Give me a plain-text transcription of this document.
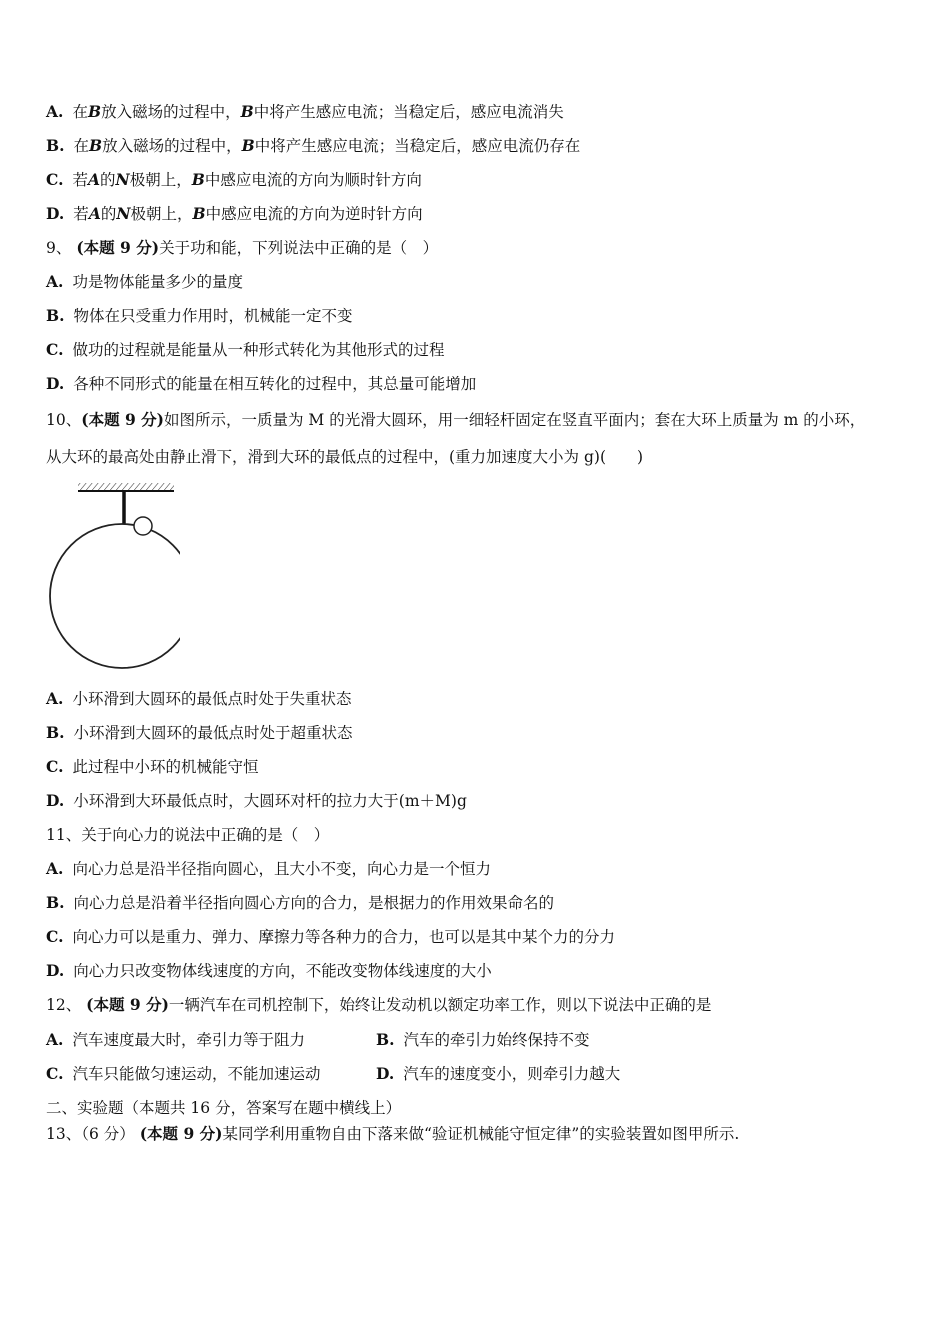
A. 在B放入磁场的过程中，B中将产生感应电流；当稳定后，感应电流消失
B. 在B放入磁场的过程中，B中将产生感应电流；当稳定后，感应电流仍存在
C. 若A的N极朝上，B中感应电流的方向为顺时针方向
D. 若A的N极朝上，B中感应电流的方向为逆时针方向
9、 (本题 9 分)关于功和能，下列说法中正确的是（　）
A. 功是物体能量多少的量度
B. 物体在只受重力作用时，机械能一定不变
C. 做功的过程就是能量从一种形式转化为其他形式的过程
D. 各种不同形式的能量在相互转化的过程中，其总量可能增加
10、(本题 9 分)如图所示，一质量为 M 的光滑大圆环，用一细轻杆固定在竖直平面内；套在大环上质量为 m 的小环，
从大环的最高处由静止滑下，滑到大环的最低点的过程中，(重力加速度大小为 g)(　　)
A. 小环滑到大圆环的最低点时处于失重状态
B. 小环滑到大圆环的最低点时处于超重状态
C. 此过程中小环的机械能守恒
D. 小环滑到大环最低点时，大圆环对杆的拉力大于(m＋M)g
11、关于向心力的说法中正确的是（　）
A. 向心力总是沿半径指向圆心，且大小不变，向心力是一个恒力
B. 向心力总是沿着半径指向圆心方向的合力，是根据力的作用效果命名的
C. 向心力可以是重力、弹力、摩擦力等各种力的合力，也可以是其中某个力的分力
D. 向心力只改变物体线速度的方向，不能改变物体线速度的大小
12、 (本题 9 分)一辆汽车在司机控制下，始终让发动机以额定功率工作，则以下说法中正确的是
A. 汽车速度最大时，牵引力等于阻力	B. 汽车的牵引力始终保持不变
C. 汽车只能做匀速运动，不能加速运动	D. 汽车的速度变小，则牵引力越大
二、实验题（本题共 16 分，答案写在题中横线上）
13、（6 分） (本题 9 分)某同学利用重物自由下落来做“验证机械能守恒定律”的实验装置如图甲所示.
